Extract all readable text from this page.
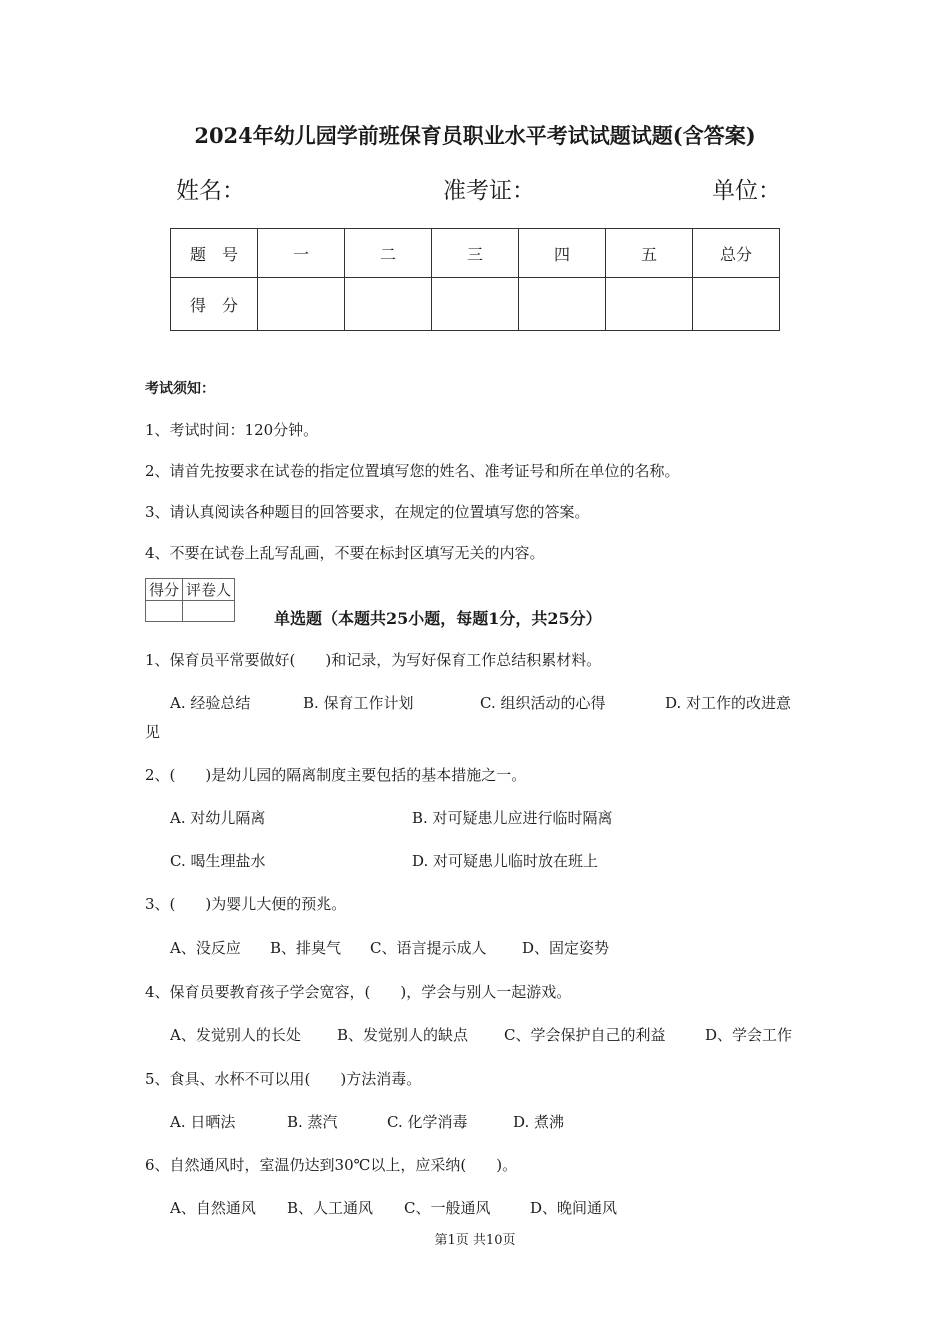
2024年幼儿园学前班保育员职业水平考试试题试题(含答案)
姓名：	准考证：	单位：
题　号	一	二	三	四	五	总分
得　分						
考试须知：
1、考试时间：120分钟。
2、请首先按要求在试卷的指定位置填写您的姓名、准考证号和所在单位的名称。
3、请认真阅读各种题目的回答要求，在规定的位置填写您的答案。
4、不要在试卷上乱写乱画，不要在标封区填写无关的内容。
得分	评卷人

单选题（本题共25小题，每题1分，共25分）
1、保育员平常要做好(　　)和记录，为写好保育工作总结积累材料。
A. 经验总结	B. 保育工作计划	C. 组织活动的心得	D. 对工作的改进意
见
2、(　　)是幼儿园的隔离制度主要包括的基本措施之一。
A. 对幼儿隔离	B. 对可疑患儿应进行临时隔离
C. 喝生理盐水	D. 对可疑患儿临时放在班上
3、(　　)为婴儿大便的预兆。
A、没反应 B、排臭气 C、语言提示成人 D、固定姿势
4、保育员要教育孩子学会宽容，(　　)，学会与别人一起游戏。
A、发觉别人的长处 B、发觉别人的缺点 C、学会保护自己的利益	D、学会工作
5、食具、水杯不可以用(　　)方法消毒。
A. 日晒法	B. 蒸汽	C. 化学消毒	D. 煮沸
6、自然通风时，室温仍达到30℃以上，应采纳(　　)。
A、自然通风 B、人工通风 C、一般通风	D、晚间通风
第1页 共10页
